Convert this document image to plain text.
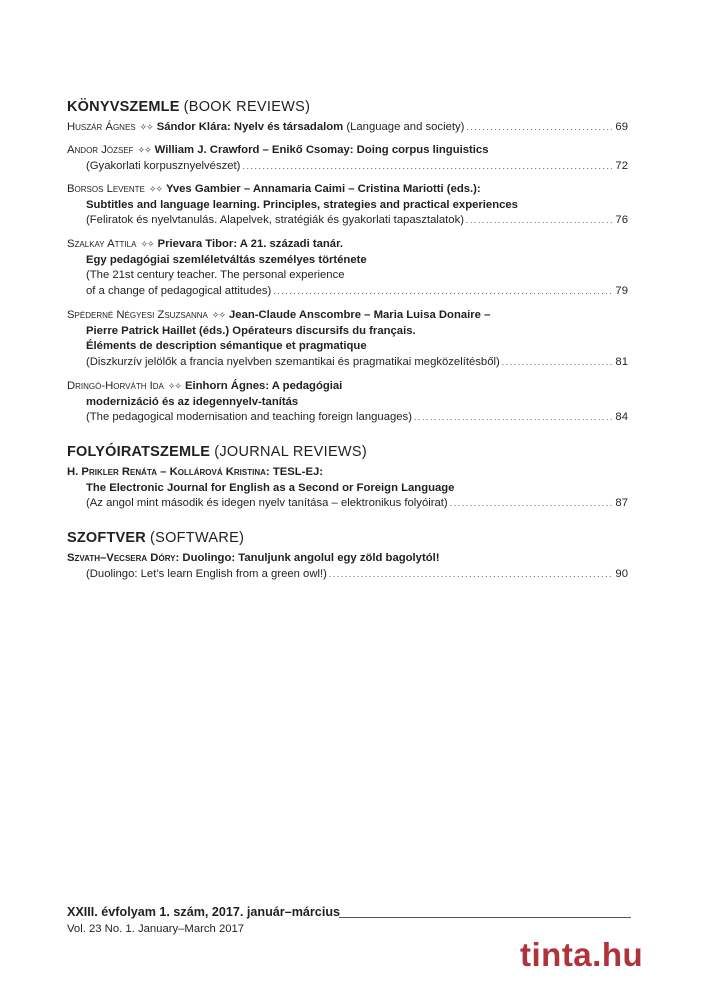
KÖNYVSZEMLE (BOOK REVIEWS)
Huszár Ágnes ✧✧ Sándor Klára: Nyelv és társadalom (Language and society) .....	69
Andor József ✧✧ William J. Crawford – Enikő Csomay: Doing corpus linguistics
(Gyakorlati korpusznyelvészet) .....	72
Borsos Levente ✧✧ Yves Gambier – Annamaria Caimi – Cristina Mariotti (eds.):
Subtitles and language learning. Principles, strategies and practical experiences
(Feliratok és nyelvtanulás. Alapelvek, stratégiák és gyakorlati tapasztalatok) .....	76
Szalkay Attila ✧✧ Prievara Tibor: A 21. századi tanár.
Egy pedagógiai szemléletváltás személyes története
(The 21st century teacher. The personal experience
of a change of pedagogical attitudes) .....	79
Spéderné Négyesi Zsuzsanna ✧✧ Jean-Claude Anscombre – Maria Luisa Donaire –
Pierre Patrick Haillet (éds.) Opérateurs discursifs du français.
Éléments de description sémantique et pragmatique
(Diszkurzív jelölők a francia nyelvben szemantikai és pragmatikai megközelítésből) .....	81
Dringó-Horváth Ida ✧✧ Einhorn Ágnes: A pedagógiai
modernizáció és az idegennyelv-tanítás
(The pedagogical modernisation and teaching foreign languages) .....	84
FOLYÓIRATSZEMLE (JOURNAL REVIEWS)
H. Prikler Renáta – Kollárová Kristina: TESL-EJ:
The Electronic Journal for English as a Second or Foreign Language
(Az angol mint második és idegen nyelv tanítása – elektronikus folyóirat) .....	87
SZOFTVER (SOFTWARE)
Szvath–Vecsera Dóry: Duolingo: Tanuljunk angolul egy zöld bagolytól!
(Duolingo: Let’s learn English from a green owl!) .....	90

XXIII. évfolyam 1. szám, 2017. január–március

Vol. 23 No. 1. January–March 2017

tinta.hu
